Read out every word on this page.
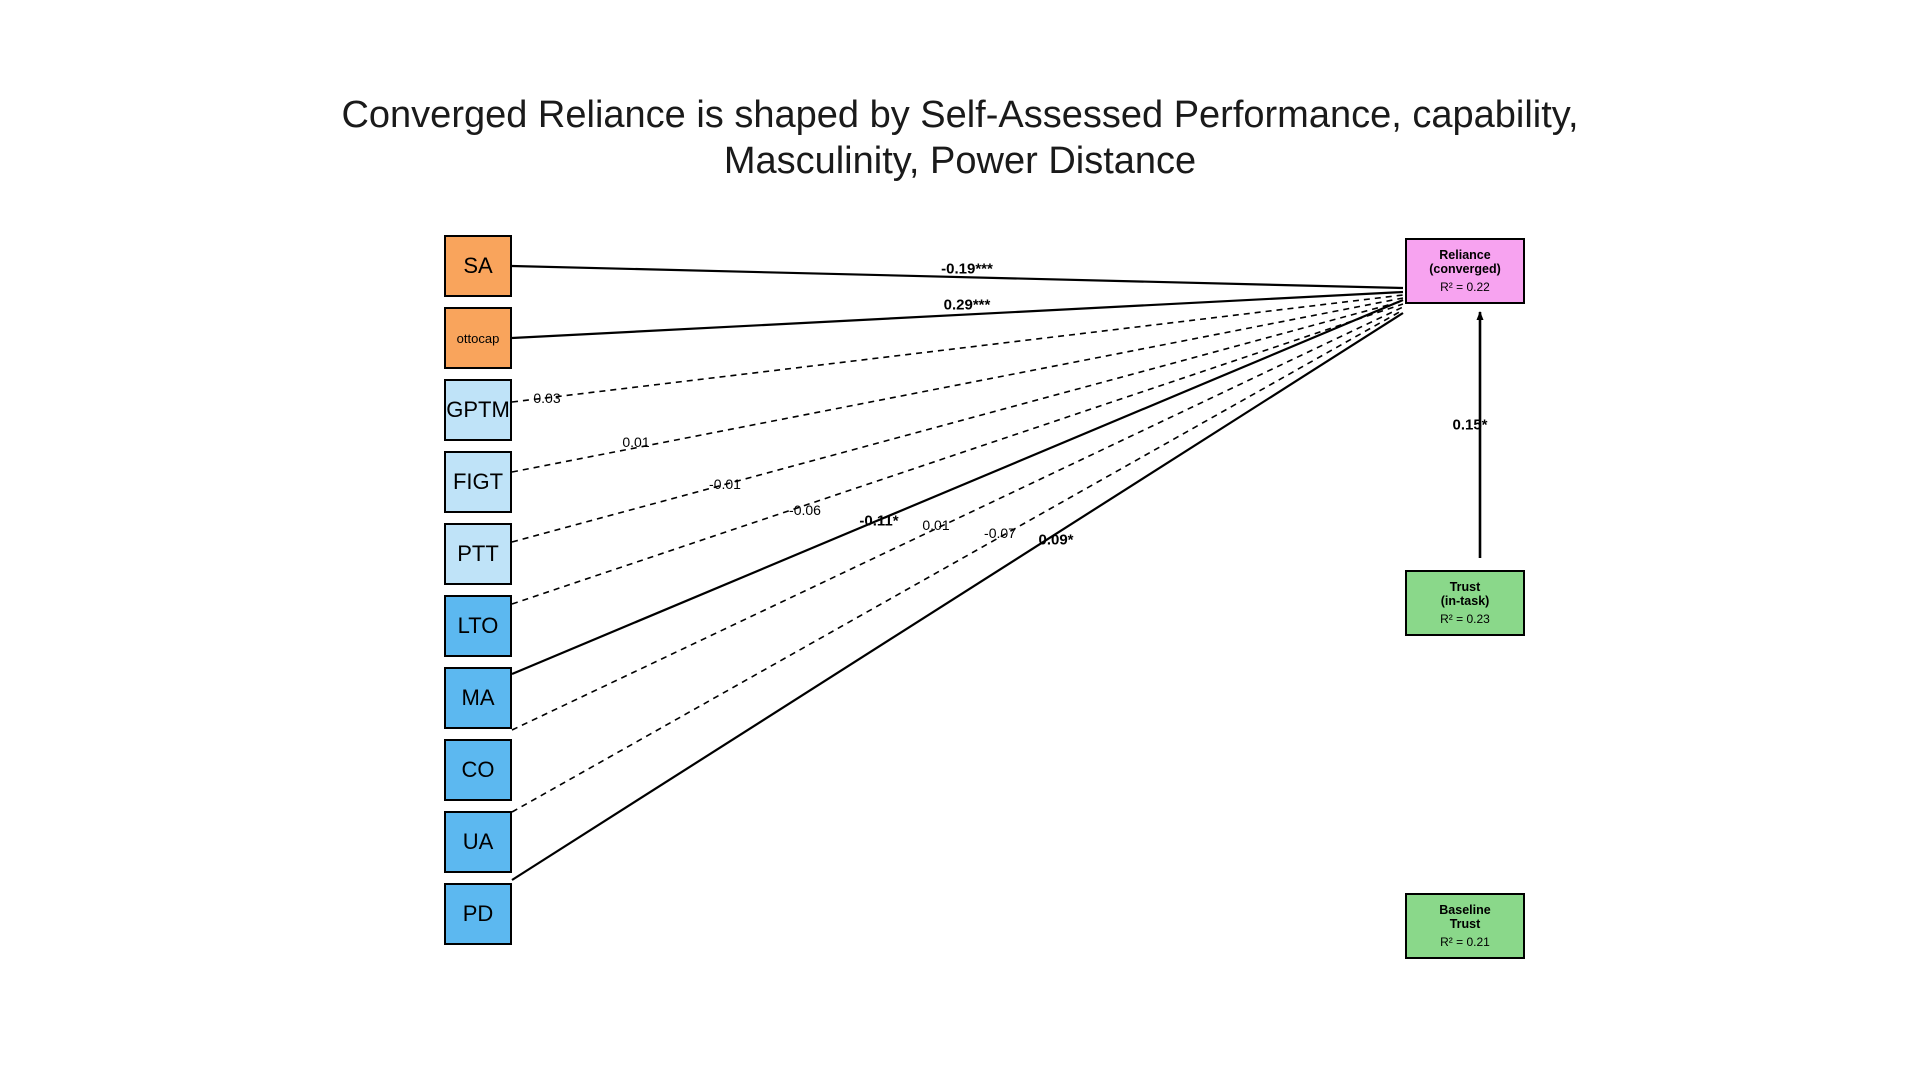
Converged Reliance is shaped by Self-Assessed Performance, capability, Masculinity, Power Distance
SA
ottocap
GPTM
FIGT
PTT
LTO
MA
CO
UA
PD
Reliance
(converged)
R² = 0.22
Trust
(in-task)
R² = 0.23
Baseline
Trust
R² = 0.21
-0.19***
0.29***
0.03
0.01
-0.01
-0.06
-0.11* 0.01 -0.07 0.09*
0.15*
